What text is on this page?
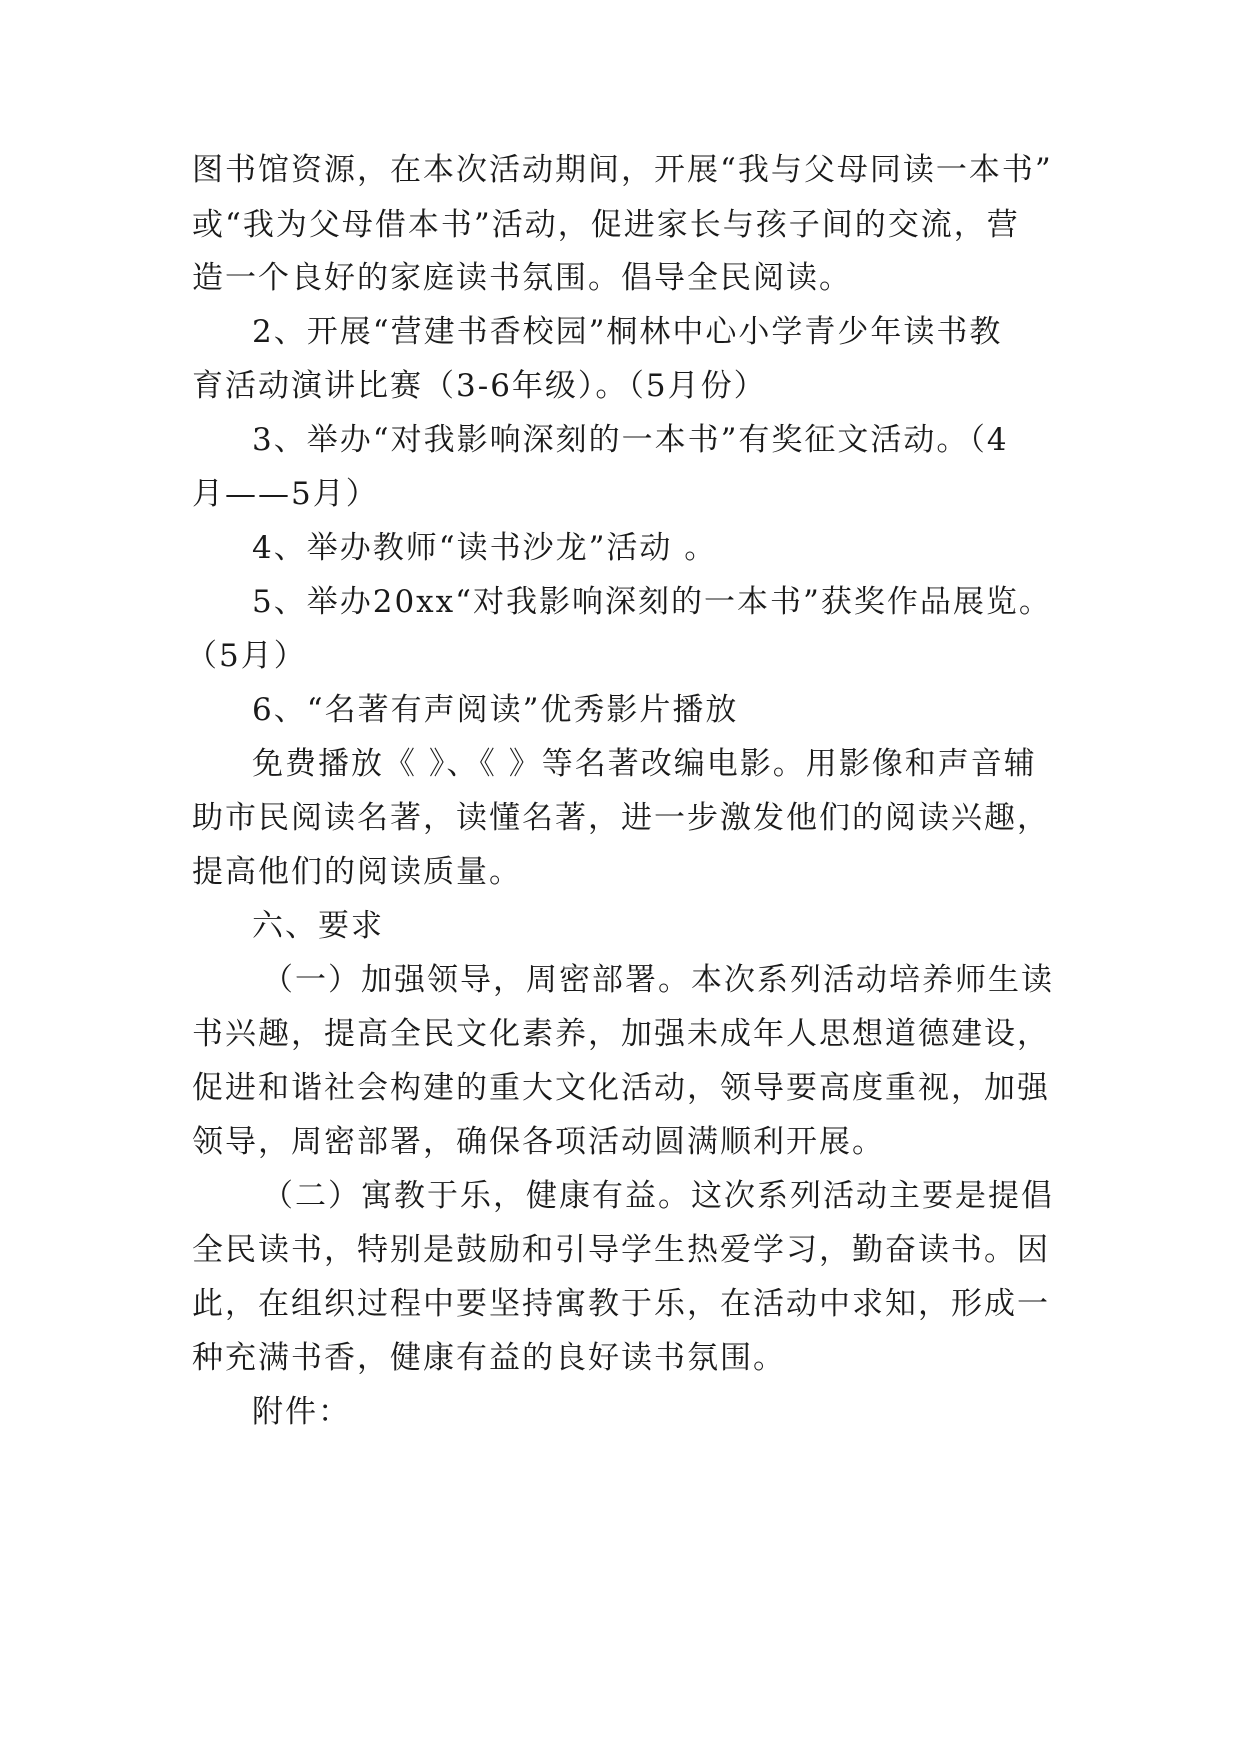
图书馆资源，在本次活动期间，开展“我与父母同读一本书”
或“我为父母借本书”活动，促进家长与孩子间的交流，营
造一个良好的家庭读书氛围。倡导全民阅读。
2、开展“营建书香校园”桐林中心小学青少年读书教
育活动演讲比赛（3-6年级）。（5月份）
3、举办“对我影响深刻的一本书”有奖征文活动。（4
月——5月）
4、举办教师“读书沙龙”活动 。
5、举办20xx“对我影响深刻的一本书”获奖作品展览。
（5月）
6、“名著有声阅读”优秀影片播放
免费播放《 》、《 》等名著改编电影。用影像和声音辅
助市民阅读名著，读懂名著，进一步激发他们的阅读兴趣，
提高他们的阅读质量。
六、要求
（一）加强领导，周密部署。本次系列活动培养师生读
书兴趣，提高全民文化素养，加强未成年人思想道德建设，
促进和谐社会构建的重大文化活动，领导要高度重视，加强
领导，周密部署，确保各项活动圆满顺利开展。
（二）寓教于乐，健康有益。这次系列活动主要是提倡
全民读书，特别是鼓励和引导学生热爱学习，勤奋读书。因
此，在组织过程中要坚持寓教于乐，在活动中求知，形成一
种充满书香，健康有益的良好读书氛围。
附件：
